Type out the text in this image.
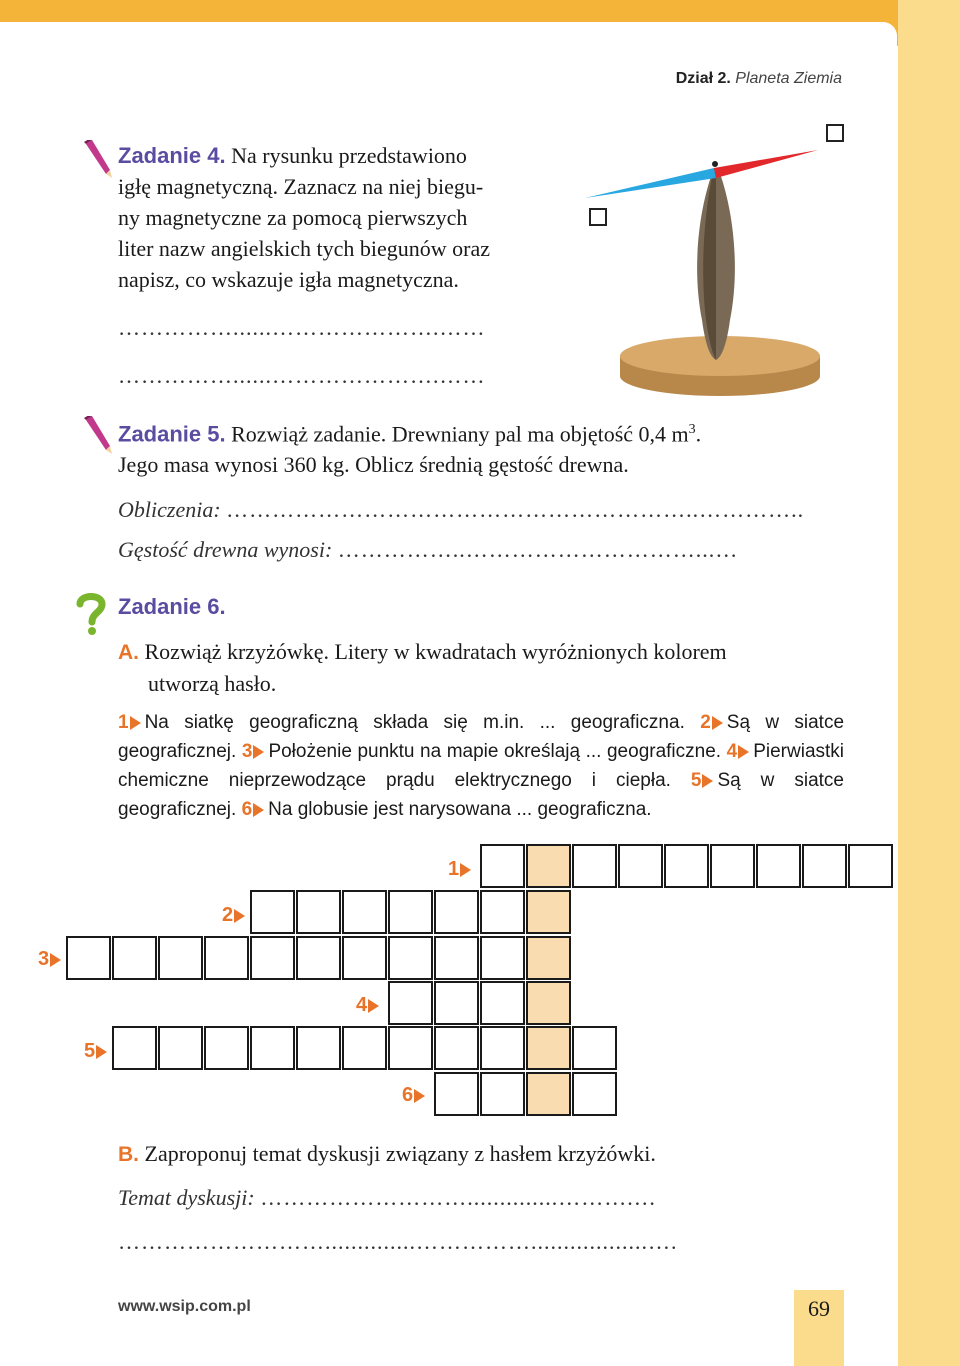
Dział 2. Planeta Ziemia
Zadanie 4. Na rysunku przedstawiono
igłę magnetyczną. Zaznacz na niej biegu-
ny magnetyczne za pomocą pierwszych
liter nazw angielskich tych biegunów oraz
napisz, co wskazuje igła magnetyczna.
……………......………………….……
……………......………………….……
Zadanie 5. Rozwiąż zadanie. Drewniany pal ma objętość 0,4 $m^3$.
Jego masa wynosi 360 kg. Oblicz średnią gęstość drewna.
Obliczenia: ……………………………………………………..…………..
Gęstość drewna wynosi: ……………..…………………………...…
Zadanie 6.
A. Rozwiąż krzyżówkę. Litery w kwadratach wyróżnionych kolorem
utworzą hasło.
1 Na siatkę geograficzną składa się m.in. ... geograficzna. 2 Są w siatce geograficznej. 3 Położenie punktu na mapie określają ... geograficzne. 4 Pierwiastki chemiczne nieprzewodzące prądu elektrycznego i ciepła. 5 Są w siatce geograficznej. 6 Na globusie jest narysowana ... geograficzna.
1
2
3
4
5
6
B. Zaproponuj temat dyskusji związany z hasłem krzyżówki.
Temat dyskusji: ………………………..............……….…
………………………..............……………..................….
www.wsip.com.pl	69
